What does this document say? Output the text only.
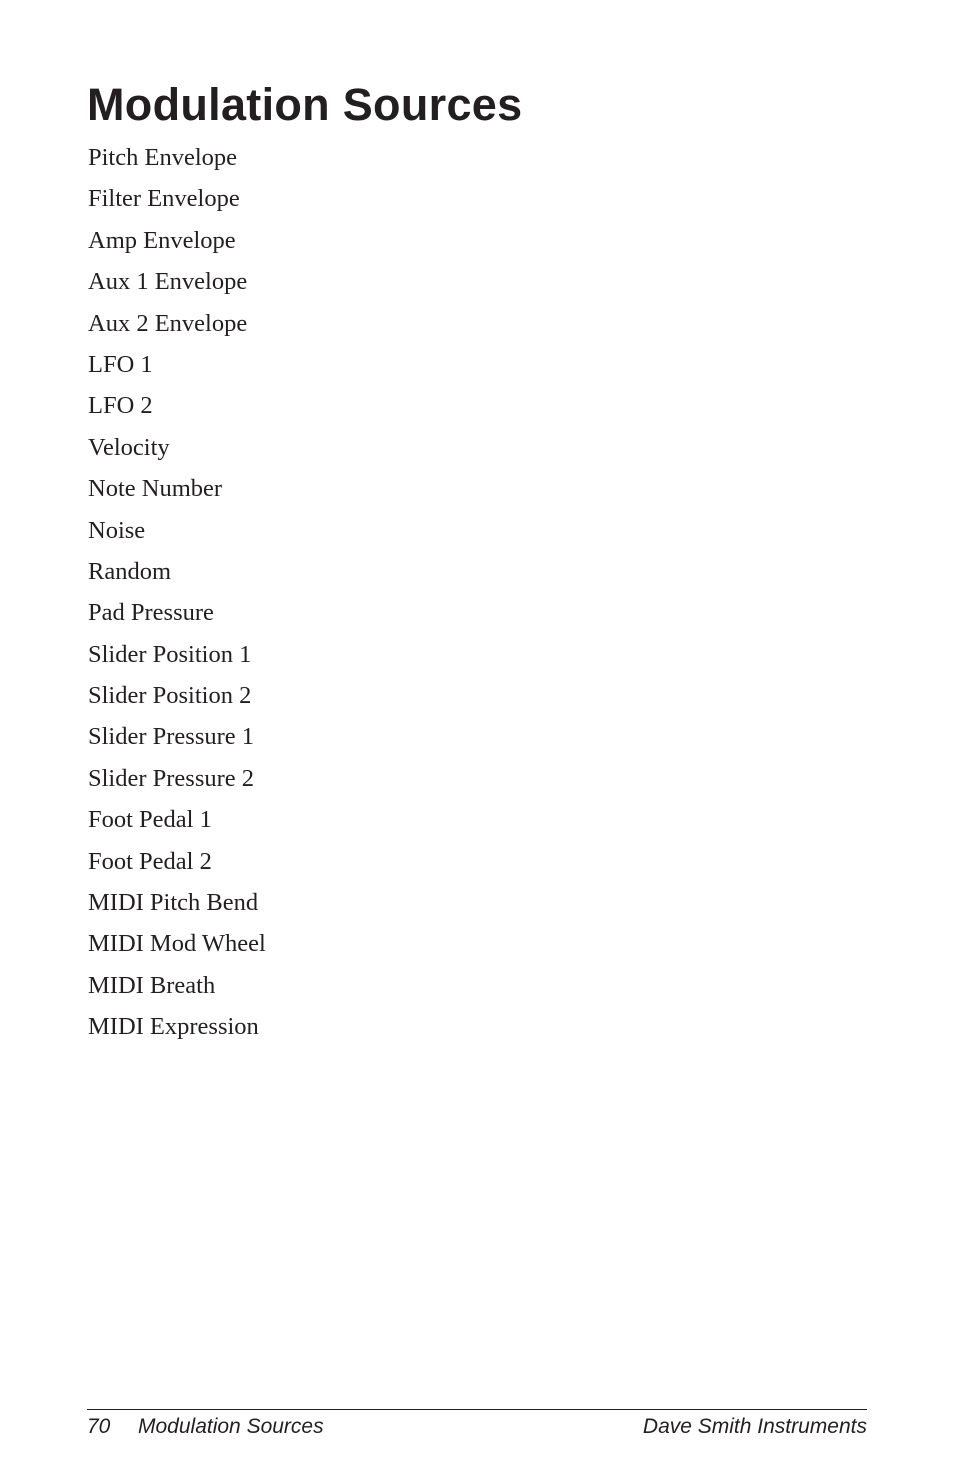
Modulation Sources
Pitch Envelope
Filter Envelope
Amp Envelope
Aux 1 Envelope
Aux 2 Envelope
LFO 1
LFO 2
Velocity
Note Number
Noise
Random
Pad Pressure
Slider Position 1
Slider Position 2
Slider Pressure 1
Slider Pressure 2
Foot Pedal 1
Foot Pedal 2
MIDI Pitch Bend
MIDI Mod Wheel
MIDI Breath
MIDI Expression
70 Modulation Sources	Dave Smith Instruments
